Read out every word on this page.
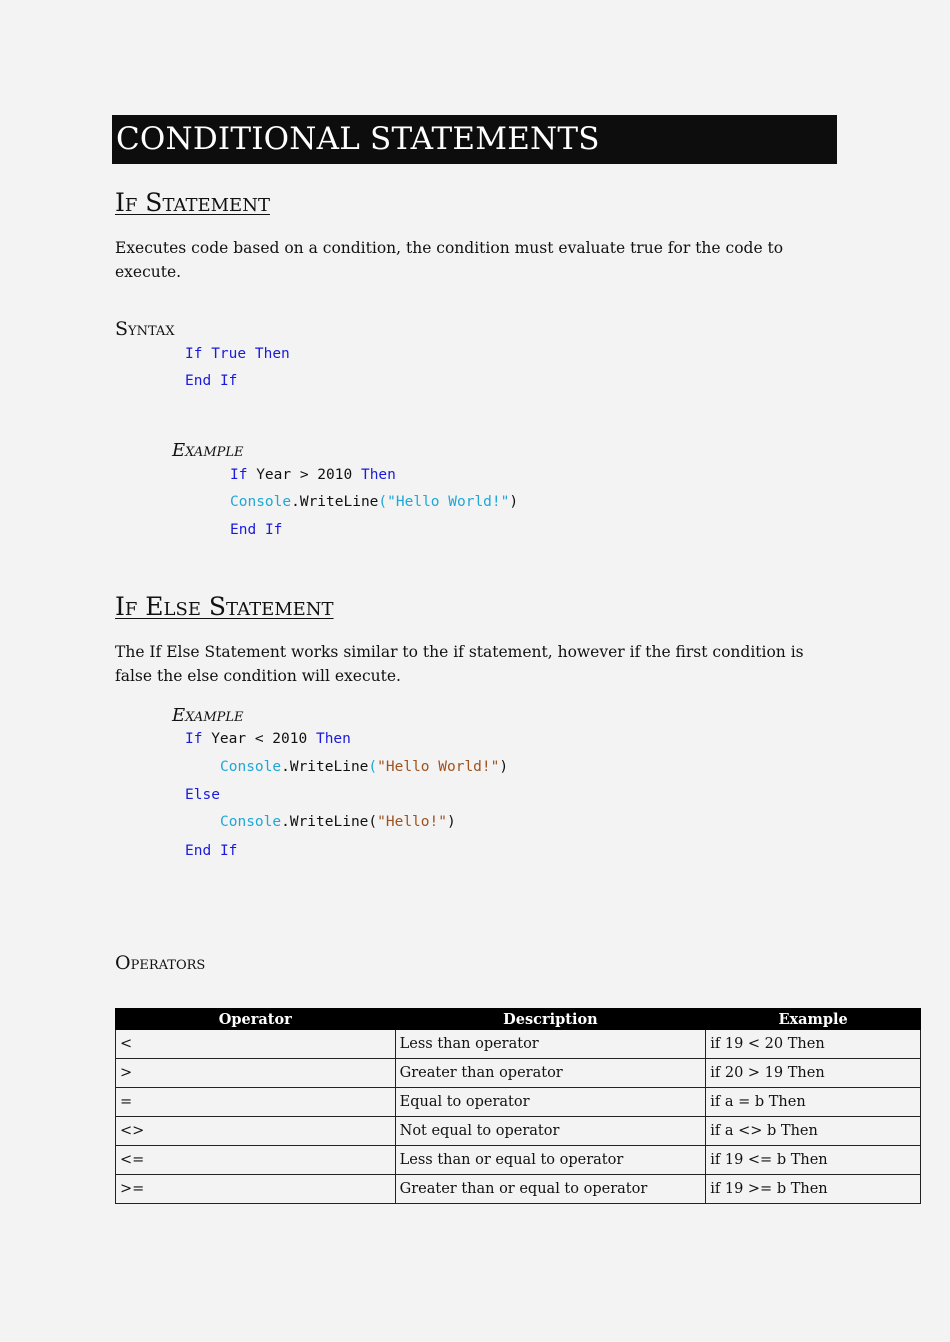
CONDITIONAL STATEMENTS
If Statement
Executes code based on a condition, the condition must evaluate true for the code to execute.
Syntax
If True Then
End If
Example
If Year > 2010 Then
Console.WriteLine("Hello World!")
End If
If Else Statement
The If Else Statement works similar to the if statement, however if the first condition is false the else condition will execute.
Example
If Year < 2010 Then
Console.WriteLine("Hello World!")
Else
Console.WriteLine("Hello!")
End If
Operators
Operator	Description	Example
<	Less than operator	if 19 < 20 Then
>	Greater than operator	if 20 > 19 Then
=	Equal to operator	if a = b Then
<>	Not equal to operator	if a <> b Then
<=	Less than or equal to operator	if 19 <= b Then
>=	Greater than or equal to operator	if 19 >= b Then
